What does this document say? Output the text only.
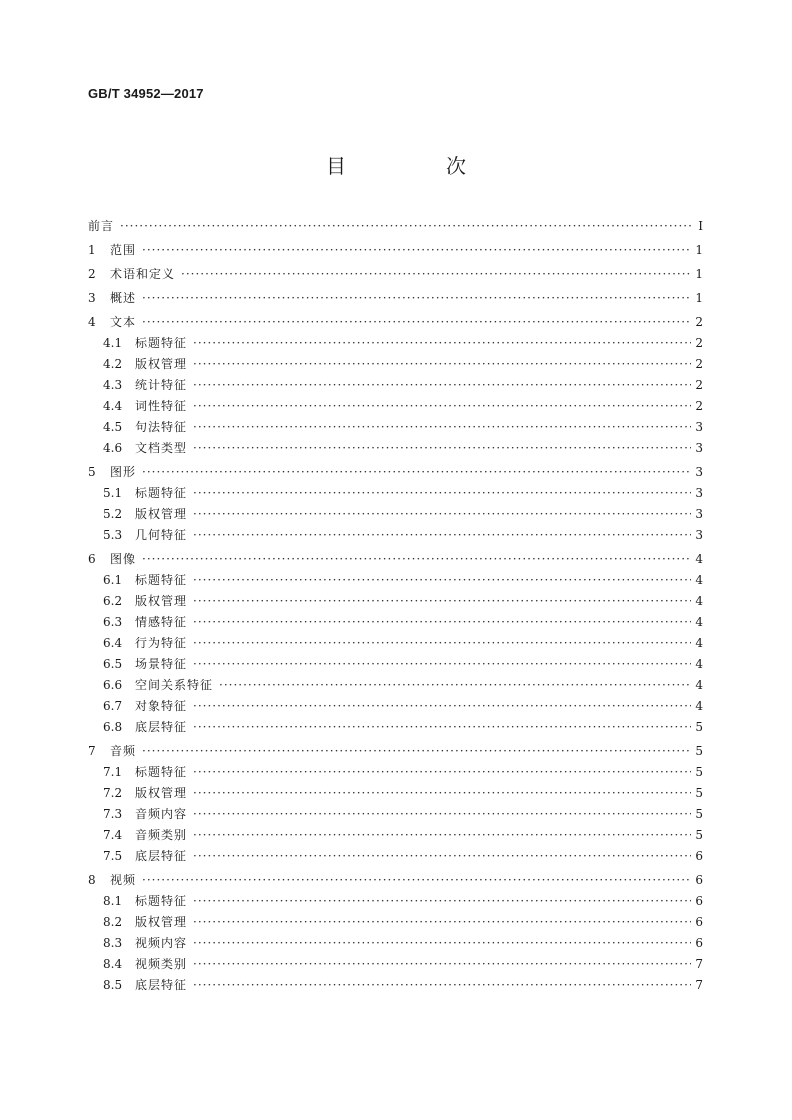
GB/T 34952—2017
目　次
前言 ·····	Ⅰ
1	范围 ·····	1
2	术语和定义 ·····	1
3	概述 ·····	1
4	文本 ·····	2
4.1	标题特征 ·····	2
4.2	版权管理 ·····	2
4.3	统计特征 ·····	2
4.4	词性特征 ·····	2
4.5	句法特征 ·····	3
4.6	文档类型 ·····	3
5	图形 ·····	3
5.1	标题特征 ·····	3
5.2	版权管理 ·····	3
5.3	几何特征 ·····	3
6	图像 ·····	4
6.1	标题特征 ·····	4
6.2	版权管理 ·····	4
6.3	情感特征 ·····	4
6.4	行为特征 ·····	4
6.5	场景特征 ·····	4
6.6	空间关系特征 ·····	4
6.7	对象特征 ·····	4
6.8	底层特征 ·····	5
7	音频 ·····	5
7.1	标题特征 ·····	5
7.2	版权管理 ·····	5
7.3	音频内容 ·····	5
7.4	音频类别 ·····	5
7.5	底层特征 ·····	6
8	视频 ·····	6
8.1	标题特征 ·····	6
8.2	版权管理 ·····	6
8.3	视频内容 ·····	6
8.4	视频类别 ·····	7
8.5	底层特征 ·····	7
